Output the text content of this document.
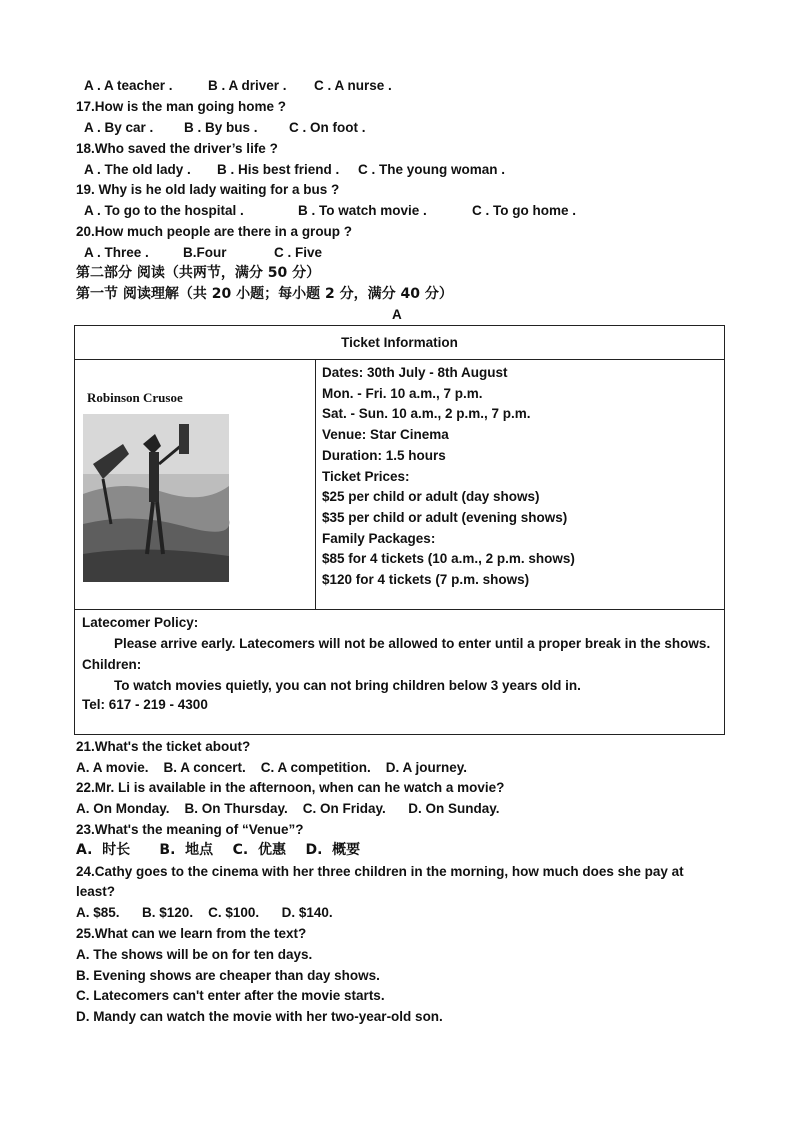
A . A teacher .	B . A driver . C . A nurse .
17.How is the man going home ?
A . By car . B . By bus . C . On foot .
18.Who saved the driver’s life ?
A . The old lady . B . His best friend . C . The young woman .
19. Why is he old lady waiting for a bus ?
A . To go to the hospital .	B . To watch movie .	C . To go home .
20.How much people are there in a group ?
A . Three .	B.Four	C . Five
第二部分 阅读（共两节，满分 50 分）
第一节 阅读理解（共 20 小题；每小题 2 分，满分 40 分）
A
Ticket Information
Robinson Crusoe
Dates: 30th July - 8th August
Mon. - Fri. 10 a.m., 7 p.m.
Sat. - Sun. 10 a.m., 2 p.m., 7 p.m.
Venue: Star Cinema
Duration: 1.5 hours
Ticket Prices:
$25 per child or adult (day shows)
$35 per child or adult (evening shows)
Family Packages:
$85 for 4 tickets (10 a.m., 2 p.m. shows)
$120 for 4 tickets (7 p.m. shows)
Latecomer Policy:
Please arrive early. Latecomers will not be allowed to enter until a proper break in the shows.
Children:
To watch movies quietly, you can not bring children below 3 years old in.
Tel: 617 - 219 - 4300
21.What's the ticket about?
A. A movie.    B. A concert.    C. A competition.    D. A journey.
22.Mr. Li is available in the afternoon, when can he watch a movie?
A. On Monday.    B. On Thursday.    C. On Friday.      D. On Sunday.
23.What's the meaning of “Venue”?
A.  时长      B.  地点    C.  优惠    D.  概要
24.Cathy goes to the cinema with her three children in the morning, how much does she pay at
least?
A. $85.      B. $120.    C. $100.      D. $140.
25.What can we learn from the text?
A. The shows will be on for ten days.
B. Evening shows are cheaper than day shows.
C. Latecomers can't enter after the movie starts.
D. Mandy can watch the movie with her two-year-old son.
